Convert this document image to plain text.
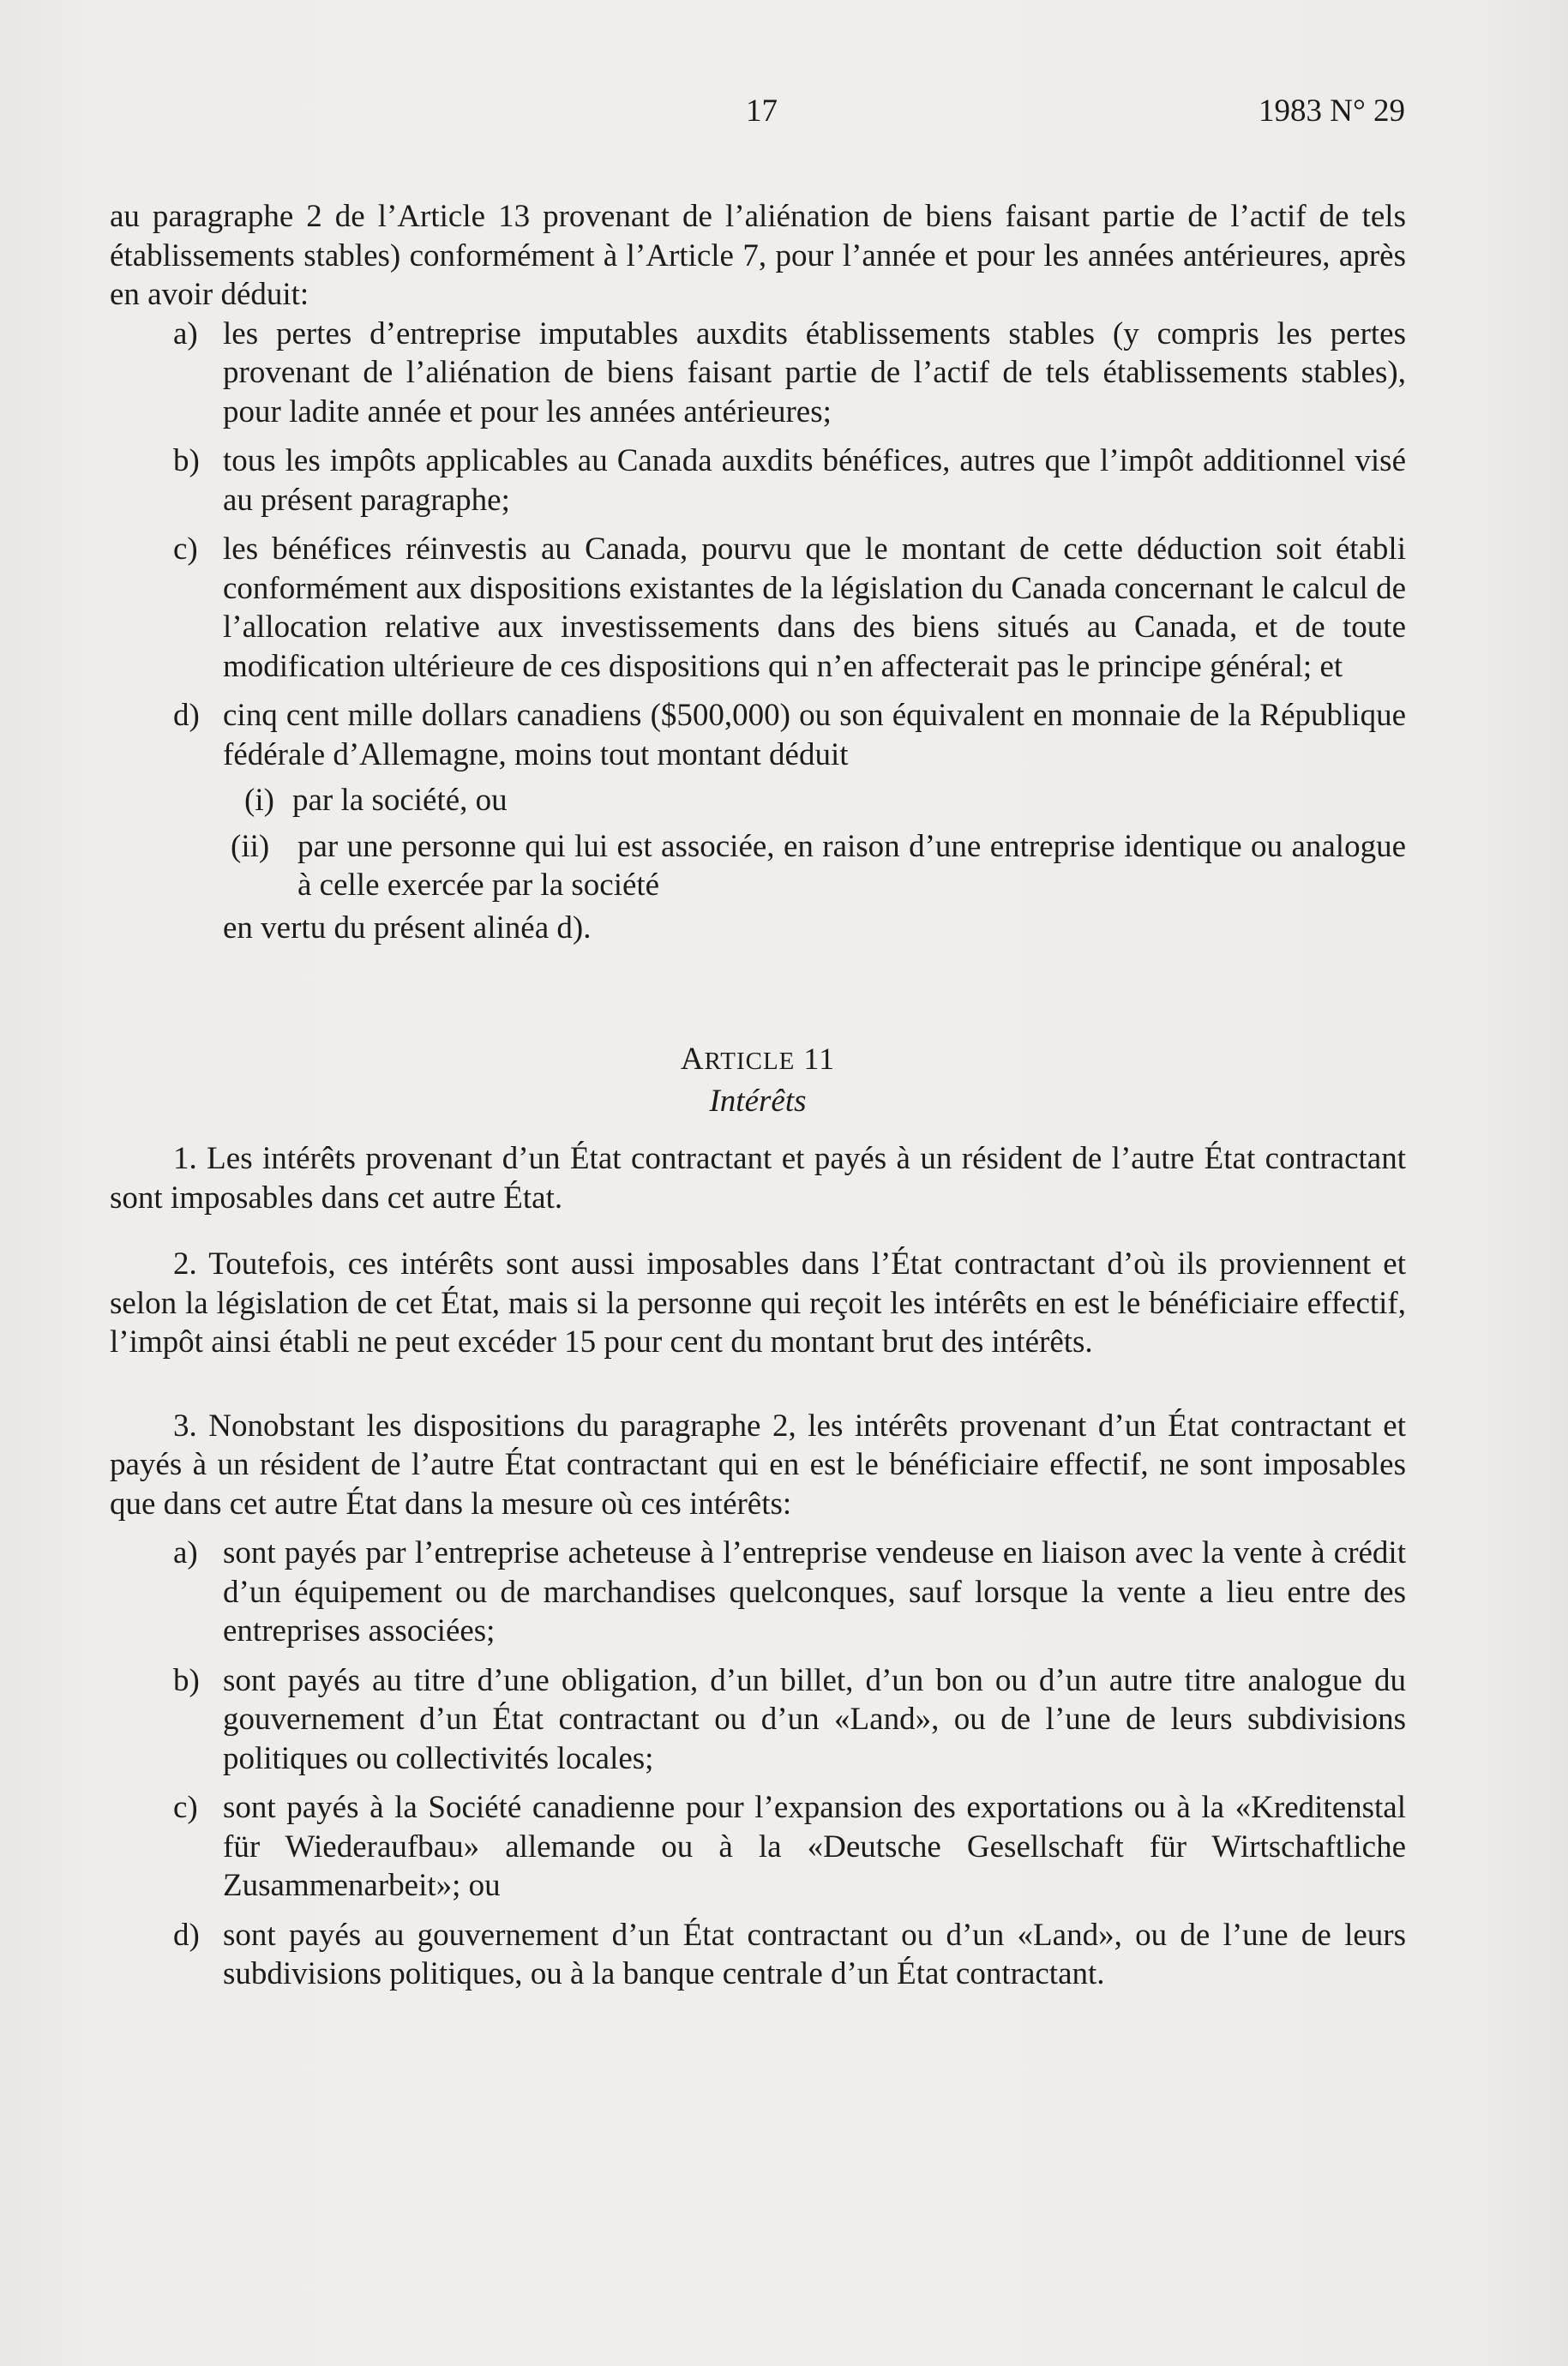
17	1983 N° 29

au paragraphe 2 de l’Article 13 provenant de l’aliénation de biens faisant partie de l’actif de tels établissements stables) conformément à l’Article 7, pour l’année et pour les années antérieures, après en avoir déduit:

a) les pertes d’entreprise imputables auxdits établissements stables (y compris les pertes provenant de l’aliénation de biens faisant partie de l’actif de tels établissements stables), pour ladite année et pour les années antérieures;
b) tous les impôts applicables au Canada auxdits bénéfices, autres que l’impôt additionnel visé au présent paragraphe;
c) les bénéfices réinvestis au Canada, pourvu que le montant de cette déduction soit établi conformément aux dispositions existantes de la législation du Canada concernant le calcul de l’allocation relative aux investissements dans des biens situés au Canada, et de toute modification ultérieure de ces dispositions qui n’en affecterait pas le principe général; et
d) cinq cent mille dollars canadiens ($500,000) ou son équivalent en monnaie de la République fédérale d’Allemagne, moins tout montant déduit
(i) par la société, ou
(ii) par une personne qui lui est associée, en raison d’une entreprise identique ou analogue à celle exercée par la société

en vertu du présent alinéa d).

ARTICLE 11
Intérêts

1. Les intérêts provenant d’un État contractant et payés à un résident de l’autre État contractant sont imposables dans cet autre État.

2. Toutefois, ces intérêts sont aussi imposables dans l’État contractant d’où ils proviennent et selon la législation de cet État, mais si la personne qui reçoit les intérêts en est le bénéficiaire effectif, l’impôt ainsi établi ne peut excéder 15 pour cent du montant brut des intérêts.

3. Nonobstant les dispositions du paragraphe 2, les intérêts provenant d’un État contractant et payés à un résident de l’autre État contractant qui en est le bénéficiaire effectif, ne sont imposables que dans cet autre État dans la mesure où ces intérêts:

a) sont payés par l’entreprise acheteuse à l’entreprise vendeuse en liaison avec la vente à crédit d’un équipement ou de marchandises quelconques, sauf lorsque la vente a lieu entre des entreprises associées;
b) sont payés au titre d’une obligation, d’un billet, d’un bon ou d’un autre titre analogue du gouvernement d’un État contractant ou d’un «Land», ou de l’une de leurs subdivisions politiques ou collectivités locales;
c) sont payés à la Société canadienne pour l’expansion des exportations ou à la «Kreditenstal für Wiederaufbau» allemande ou à la «Deutsche Gesellschaft für Wirtschaftliche Zusammenarbeit»; ou
d) sont payés au gouvernement d’un État contractant ou d’un «Land», ou de l’une de leurs subdivisions politiques, ou à la banque centrale d’un État contractant.
